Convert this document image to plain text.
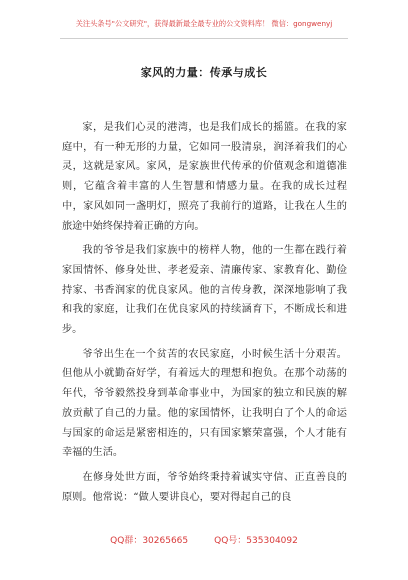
关注头条号"公文研究"，获得最新最全最专业的公文资料库！ 微信：gongwenyj
家风的力量：传承与成长

家，是我们心灵的港湾，也是我们成长的摇篮。在我的家庭中，有一种无形的力量，它如同一股清泉，润泽着我们的心灵，这就是家风。家风，是家族世代传承的价值观念和道德准则，它蕴含着丰富的人生智慧和情感力量。在我的成长过程中，家风如同一盏明灯，照亮了我前行的道路，让我在人生的旅途中始终保持着正确的方向。

我的爷爷是我们家族中的榜样人物，他的一生都在践行着家国情怀、修身处世、孝老爱亲、清廉传家、家教育化、勤俭持家、书香润家的优良家风。他的言传身教，深深地影响了我和我的家庭，让我们在优良家风的持续涵育下，不断成长和进步。

爷爷出生在一个贫苦的农民家庭，小时候生活十分艰苦。但他从小就勤奋好学，有着远大的理想和抱负。在那个动荡的年代，爷爷毅然投身到革命事业中，为国家的独立和民族的解放贡献了自己的力量。他的家国情怀，让我明白了个人的命运与国家的命运是紧密相连的，只有国家繁荣富强，个人才能有幸福的生活。

在修身处世方面，爷爷始终秉持着诚实守信、正直善良的原则。他常说：“做人要讲良心，要对得起自己的良

QQ群：30265665	QQ号：535304092
